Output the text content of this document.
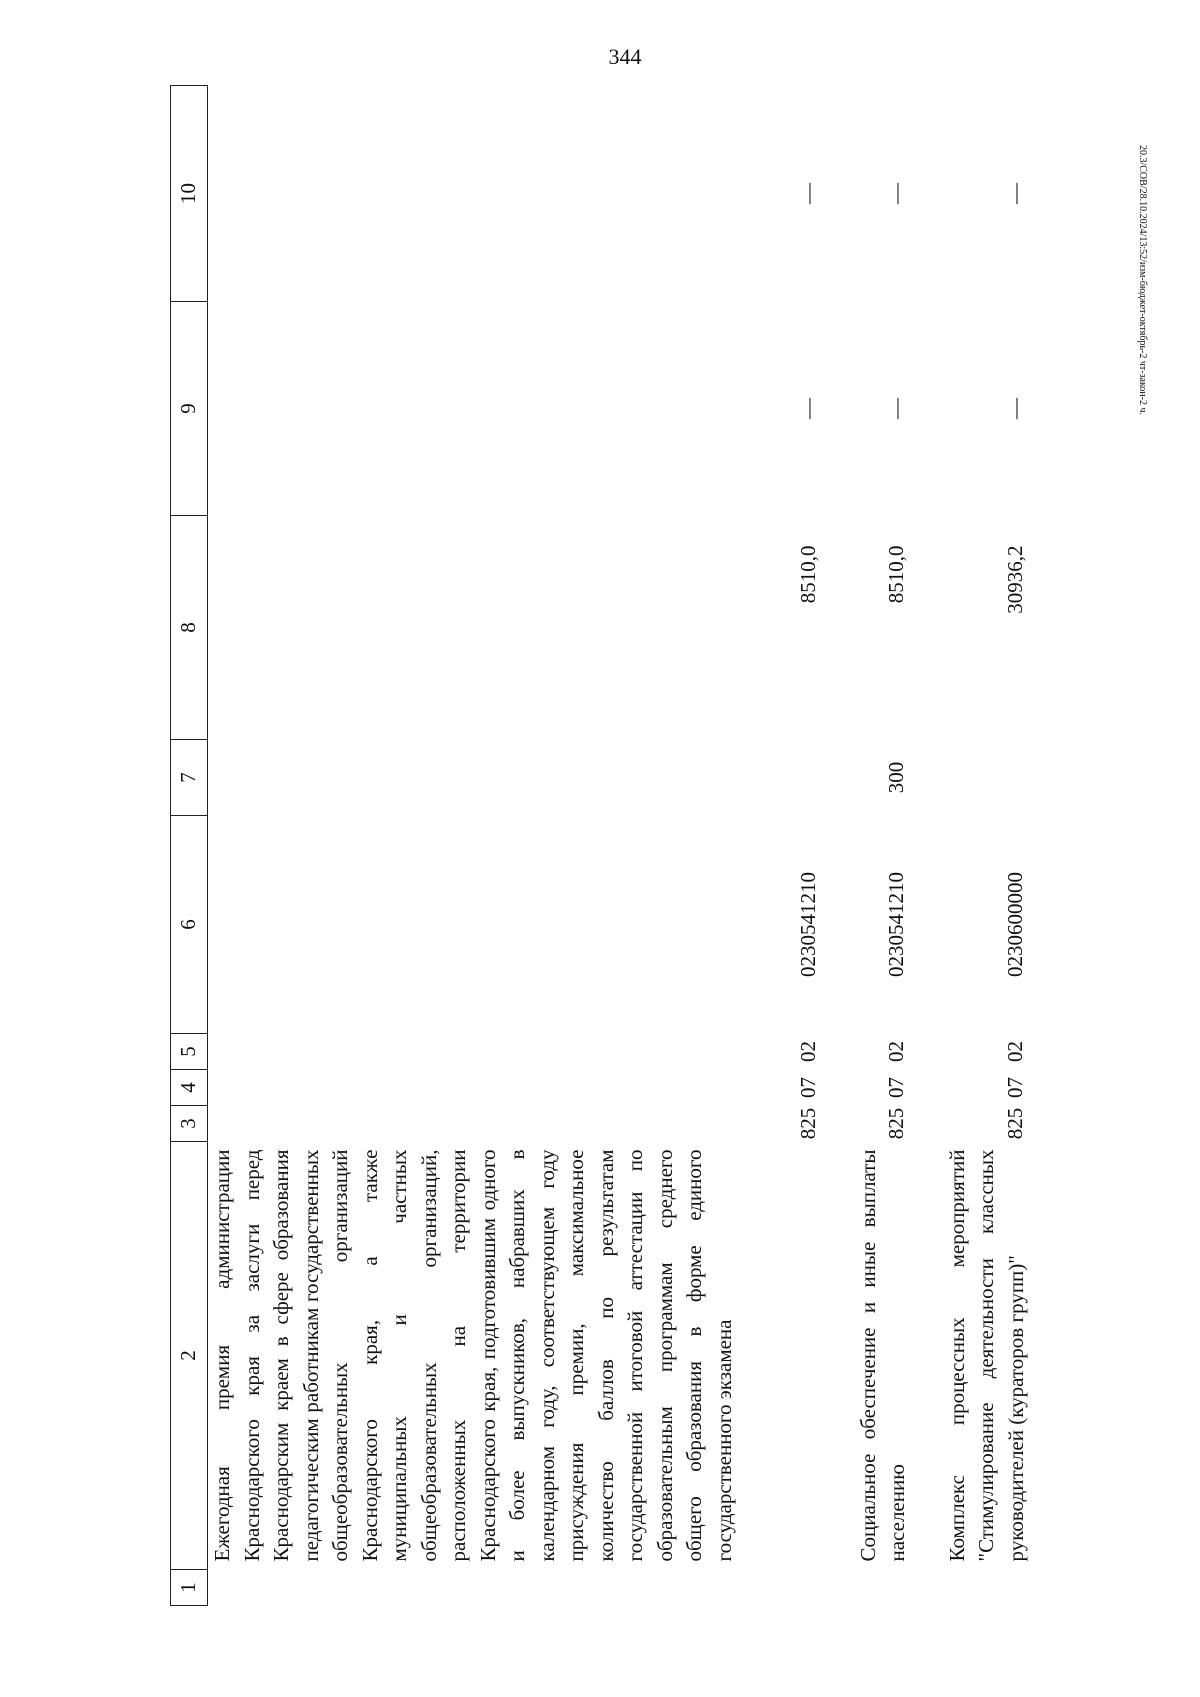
344
20.3/СОВ/28.10.2024/13:52/изм-бюджет-октябрь-2 чт-закон-2 ч.
1	2	3	4	5	6	7	8	9	10
	Ежегодная премия администрации Краснодарского края за заслуги перед Краснодарским краем в сфере образования педагогическим работникам государственных общеобразовательных организаций Краснодарского края, а также муниципальных и частных общеобразовательных организаций, расположенных на территории Краснодарского края, подготовившим одного и более выпускников, набравших в календарном году, соответствующем году присуждения премии, максимальное количество баллов по результатам государственной итоговой аттестации по образовательным программам среднего общего образования в форме единого государственного экзамена	825	07	02	0230541210		8510,0	—	—
	Социальное обеспечение и иные выплаты населению	825	07	02	0230541210	300	8510,0	—	—
	Комплекс процессных мероприятий "Стимулирование деятельности классных руководителей (кураторов групп)"	825	07	02	0230600000		30936,2	—	—
